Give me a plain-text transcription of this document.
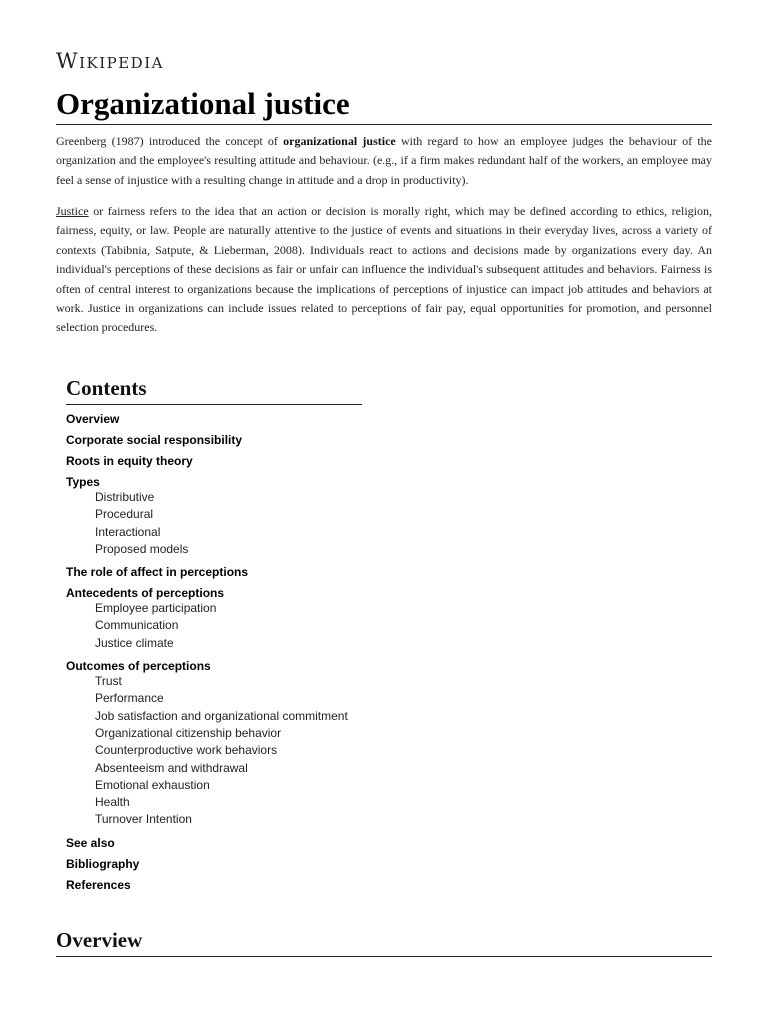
Wikipedia
Organizational justice

Greenberg (1987) introduced the concept of organizational justice with regard to how an employee judges the behaviour of the organization and the employee's resulting attitude and behaviour. (e.g., if a firm makes redundant half of the workers, an employee may feel a sense of injustice with a resulting change in attitude and a drop in productivity).

Justice or fairness refers to the idea that an action or decision is morally right, which may be defined according to ethics, religion, fairness, equity, or law. People are naturally attentive to the justice of events and situations in their everyday lives, across a variety of contexts (Tabibnia, Satpute, & Lieberman, 2008). Individuals react to actions and decisions made by organizations every day. An individual's perceptions of these decisions as fair or unfair can influence the individual's subsequent attitudes and behaviors. Fairness is often of central interest to organizations because the implications of perceptions of injustice can impact job attitudes and behaviors at work. Justice in organizations can include issues related to perceptions of fair pay, equal opportunities for promotion, and personnel selection procedures.

Contents
Overview
Corporate social responsibility
Roots in equity theory
Types
Distributive
Procedural
Interactional
Proposed models
The role of affect in perceptions
Antecedents of perceptions
Employee participation
Communication
Justice climate
Outcomes of perceptions
Trust
Performance
Job satisfaction and organizational commitment
Organizational citizenship behavior
Counterproductive work behaviors
Absenteeism and withdrawal
Emotional exhaustion
Health
Turnover Intention
See also
Bibliography
References
Overview
